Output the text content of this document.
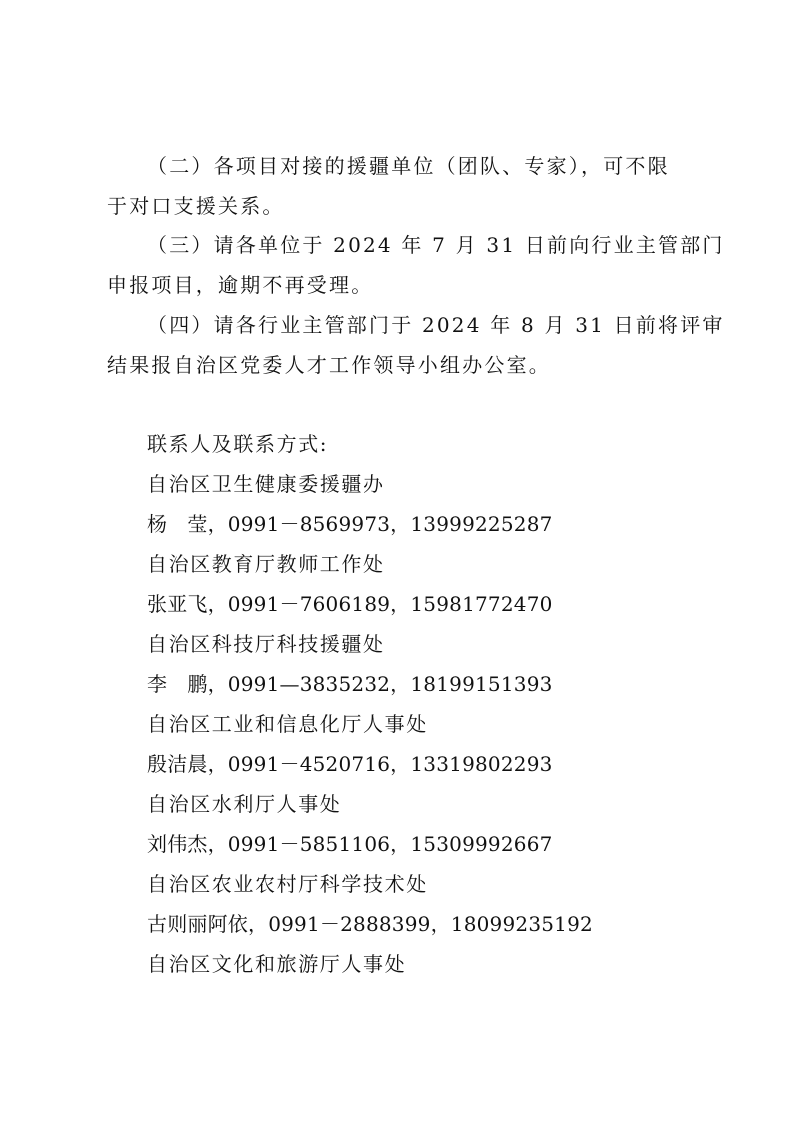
（二）各项目对接的援疆单位（团队、专家），可不限
于对口支援关系。
（三）请各单位于 2024 年 7 月 31 日前向行业主管部门
申报项目，逾期不再受理。
（四）请各行业主管部门于 2024 年 8 月 31 日前将评审
结果报自治区党委人才工作领导小组办公室。
联系人及联系方式:
自治区卫生健康委援疆办
杨　莹，0991－8569973，13999225287
自治区教育厅教师工作处
张亚飞，0991－7606189，15981772470
自治区科技厅科技援疆处
李　鹏，0991—3835232，18199151393
自治区工业和信息化厅人事处
殷洁晨，0991－4520716，13319802293
自治区水利厅人事处
刘伟杰，0991－5851106，15309992667
自治区农业农村厅科学技术处
古则丽阿依，0991－2888399，18099235192
自治区文化和旅游厅人事处
